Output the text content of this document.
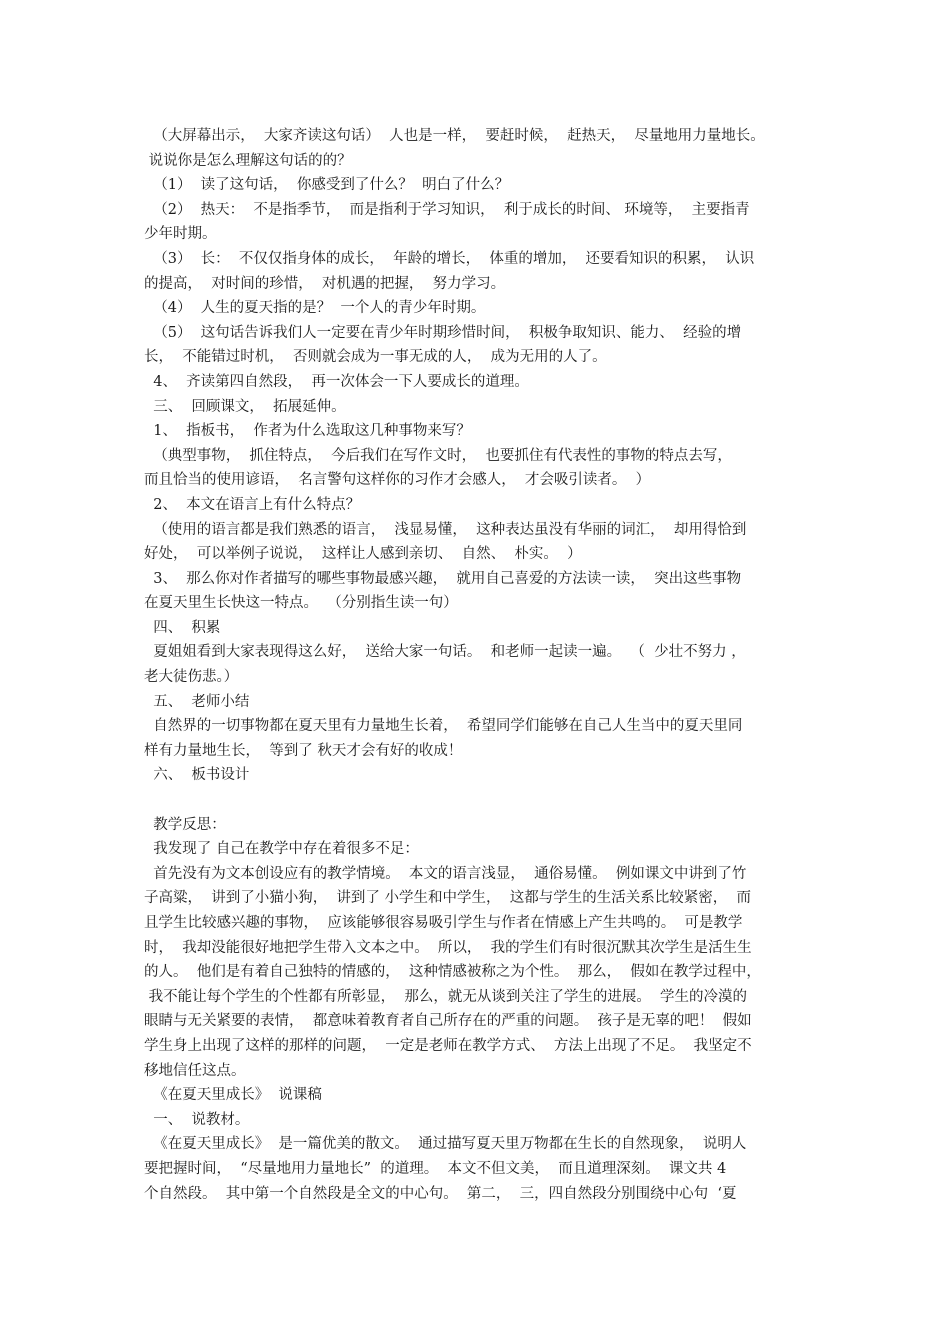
（大屏幕出示，  大家齐读这句话）  人也是一样，  要赶时候，  赶热天，  尽量地用力量地长。
说说你是怎么理解这句话的的？
（1）  读了这句话，  你感受到了什么？  明白了什么？
（2）  热天：  不是指季节，  而是指利于学习知识，  利于成长的时间、 环境等，  主要指青
少年时期。
（3）  长：  不仅仅指身体的成长，  年龄的增长，  体重的增加，  还要看知识的积累，  认识
的提高，  对时间的珍惜，  对机遇的把握，  努力学习。
（4）  人生的夏天指的是？  一个人的青少年时期。
（5）  这句话告诉我们人一定要在青少年时期珍惜时间，  积极争取知识、能力、  经验的增
长，  不能错过时机，  否则就会成为一事无成的人，  成为无用的人了。
4、  齐读第四自然段，  再一次体会一下人要成长的道理。
三、  回顾课文，  拓展延伸。
1、  指板书，  作者为什么选取这几种事物来写？
（典型事物，  抓住特点，  今后我们在写作文时，  也要抓住有代表性的事物的特点去写，
而且恰当的使用谚语，  名言警句这样你的习作才会感人，  才会吸引读者。  ）
2、  本文在语言上有什么特点？
（使用的语言都是我们熟悉的语言，  浅显易懂，  这种表达虽没有华丽的词汇，  却用得恰到
好处，  可以举例子说说，  这样让人感到亲切、  自然、  朴实。  ）
3、  那么你对作者描写的哪些事物最感兴趣，  就用自己喜爱的方法读一读，  突出这些事物
在夏天里生长快这一特点。  （分别指生读一句）
四、  积累
夏姐姐看到大家表现得这么好，  送给大家一句话。  和老师一起读一遍。  （  少壮不努力 ，
老大徒伤悲。）
五、  老师小结
自然界的一切事物都在夏天里有力量地生长着，  希望同学们能够在自己人生当中的夏天里同
样有力量地生长，  等到了 秋天才会有好的收成！
六、  板书设计
教学反思：
我发现了 自己在教学中存在着很多不足：
首先没有为文本创设应有的教学情境。  本文的语言浅显，  通俗易懂。  例如课文中讲到了竹
子高粱，  讲到了小猫小狗，  讲到了 小学生和中学生，  这都与学生的生活关系比较紧密，  而
且学生比较感兴趣的事物，  应该能够很容易吸引学生与作者在情感上产生共鸣的。  可是教学
时，  我却没能很好地把学生带入文本之中。  所以，  我的学生们有时很沉默其次学生是活生生
的人。  他们是有着自己独特的情感的，  这种情感被称之为个性。  那么，  假如在教学过程中，
我不能让每个学生的个性都有所彰显，  那么，就无从谈到关注了学生的进展。  学生的冷漠的
眼睛与无关紧要的表情，  都意味着教育者自己所存在的严重的问题。  孩子是无辜的吧！  假如
学生身上出现了这样的那样的问题，  一定是老师在教学方式、  方法上出现了不足。  我坚定不
移地信任这点。
《在夏天里成长》  说课稿
一、  说教材。
《在夏天里成长》  是一篇优美的散文。  通过描写夏天里万物都在生长的自然现象，  说明人
要把握时间，  “尽量地用力量地长”  的道理。  本文不但文美，  而且道理深刻。  课文共 4
个自然段。  其中第一个自然段是全文的中心句。  第二，  三，四自然段分别围绕中心句  ‘夏
